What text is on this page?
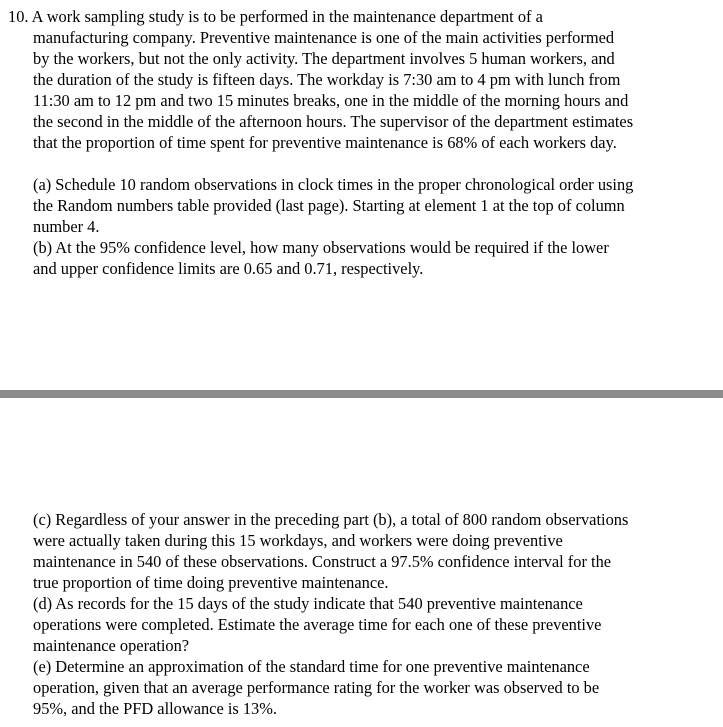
10. A work sampling study is to be performed in the maintenance department of a
manufacturing company. Preventive maintenance is one of the main activities performed
by the workers, but not the only activity. The department involves 5 human workers, and
the duration of the study is fifteen days. The workday is 7:30 am to 4 pm with lunch from
11:30 am to 12 pm and two 15 minutes breaks, one in the middle of the morning hours and
the second in the middle of the afternoon hours. The supervisor of the department estimates
that the proportion of time spent for preventive maintenance is 68% of each workers day.

(a) Schedule 10 random observations in clock times in the proper chronological order using
the Random numbers table provided (last page). Starting at element 1 at the top of column
number 4.
(b) At the 95% confidence level, how many observations would be required if the lower
and upper confidence limits are 0.65 and 0.71, respectively.

(c) Regardless of your answer in the preceding part (b), a total of 800 random observations
were actually taken during this 15 workdays, and workers were doing preventive
maintenance in 540 of these observations. Construct a 97.5% confidence interval for the
true proportion of time doing preventive maintenance.
(d) As records for the 15 days of the study indicate that 540 preventive maintenance
operations were completed. Estimate the average time for each one of these preventive
maintenance operation?
(e) Determine an approximation of the standard time for one preventive maintenance
operation, given that an average performance rating for the worker was observed to be
95%, and the PFD allowance is 13%.
